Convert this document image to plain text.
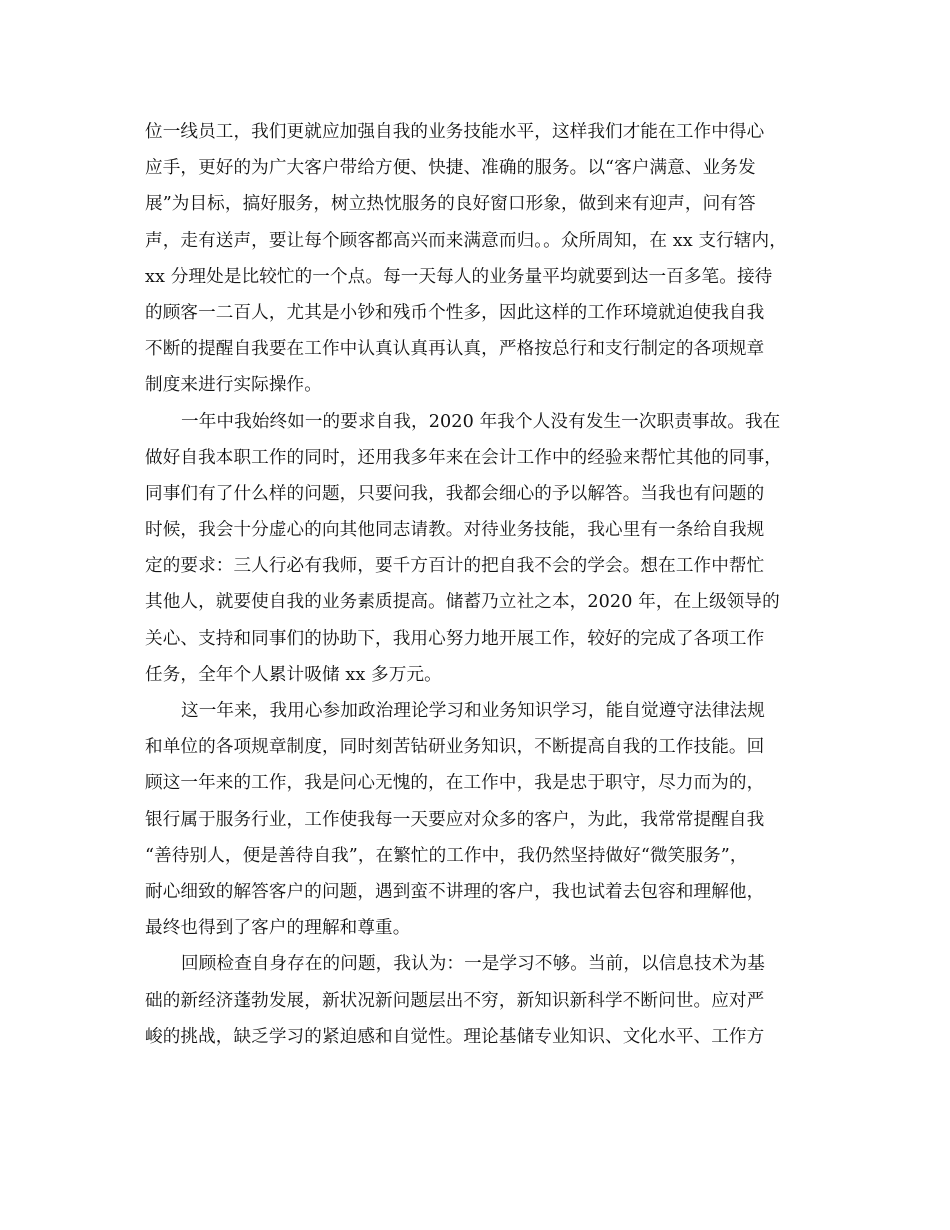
位一线员工，我们更就应加强自我的业务技能水平，这样我们才能在工作中得心
应手，更好的为广大客户带给方便、快捷、准确的服务。以“客户满意、业务发
展”为目标，搞好服务，树立热忱服务的良好窗口形象，做到来有迎声，问有答
声，走有送声，要让每个顾客都高兴而来满意而归。。众所周知，在 xx 支行辖内，
xx 分理处是比较忙的一个点。每一天每人的业务量平均就要到达一百多笔。接待
的顾客一二百人，尤其是小钞和残币个性多，因此这样的工作环境就迫使我自我
不断的提醒自我要在工作中认真认真再认真，严格按总行和支行制定的各项规章
制度来进行实际操作。
一年中我始终如一的要求自我，2020 年我个人没有发生一次职责事故。我在
做好自我本职工作的同时，还用我多年来在会计工作中的经验来帮忙其他的同事，
同事们有了什么样的问题，只要问我，我都会细心的予以解答。当我也有问题的
时候，我会十分虚心的向其他同志请教。对待业务技能，我心里有一条给自我规
定的要求：三人行必有我师，要千方百计的把自我不会的学会。想在工作中帮忙
其他人，就要使自我的业务素质提高。储蓄乃立社之本，2020 年，在上级领导的
关心、支持和同事们的协助下，我用心努力地开展工作，较好的完成了各项工作
任务，全年个人累计吸储 xx 多万元。
这一年来，我用心参加政治理论学习和业务知识学习，能自觉遵守法律法规
和单位的各项规章制度，同时刻苦钻研业务知识，不断提高自我的工作技能。回
顾这一年来的工作，我是问心无愧的，在工作中，我是忠于职守，尽力而为的，
银行属于服务行业，工作使我每一天要应对众多的客户，为此，我常常提醒自我
“善待别人，便是善待自我”，在繁忙的工作中，我仍然坚持做好“微笑服务”，
耐心细致的解答客户的问题，遇到蛮不讲理的客户，我也试着去包容和理解他，
最终也得到了客户的理解和尊重。
回顾检查自身存在的问题，我认为：一是学习不够。当前，以信息技术为基
础的新经济蓬勃发展，新状况新问题层出不穷，新知识新科学不断问世。应对严
峻的挑战，缺乏学习的紧迫感和自觉性。理论基储专业知识、文化水平、工作方
